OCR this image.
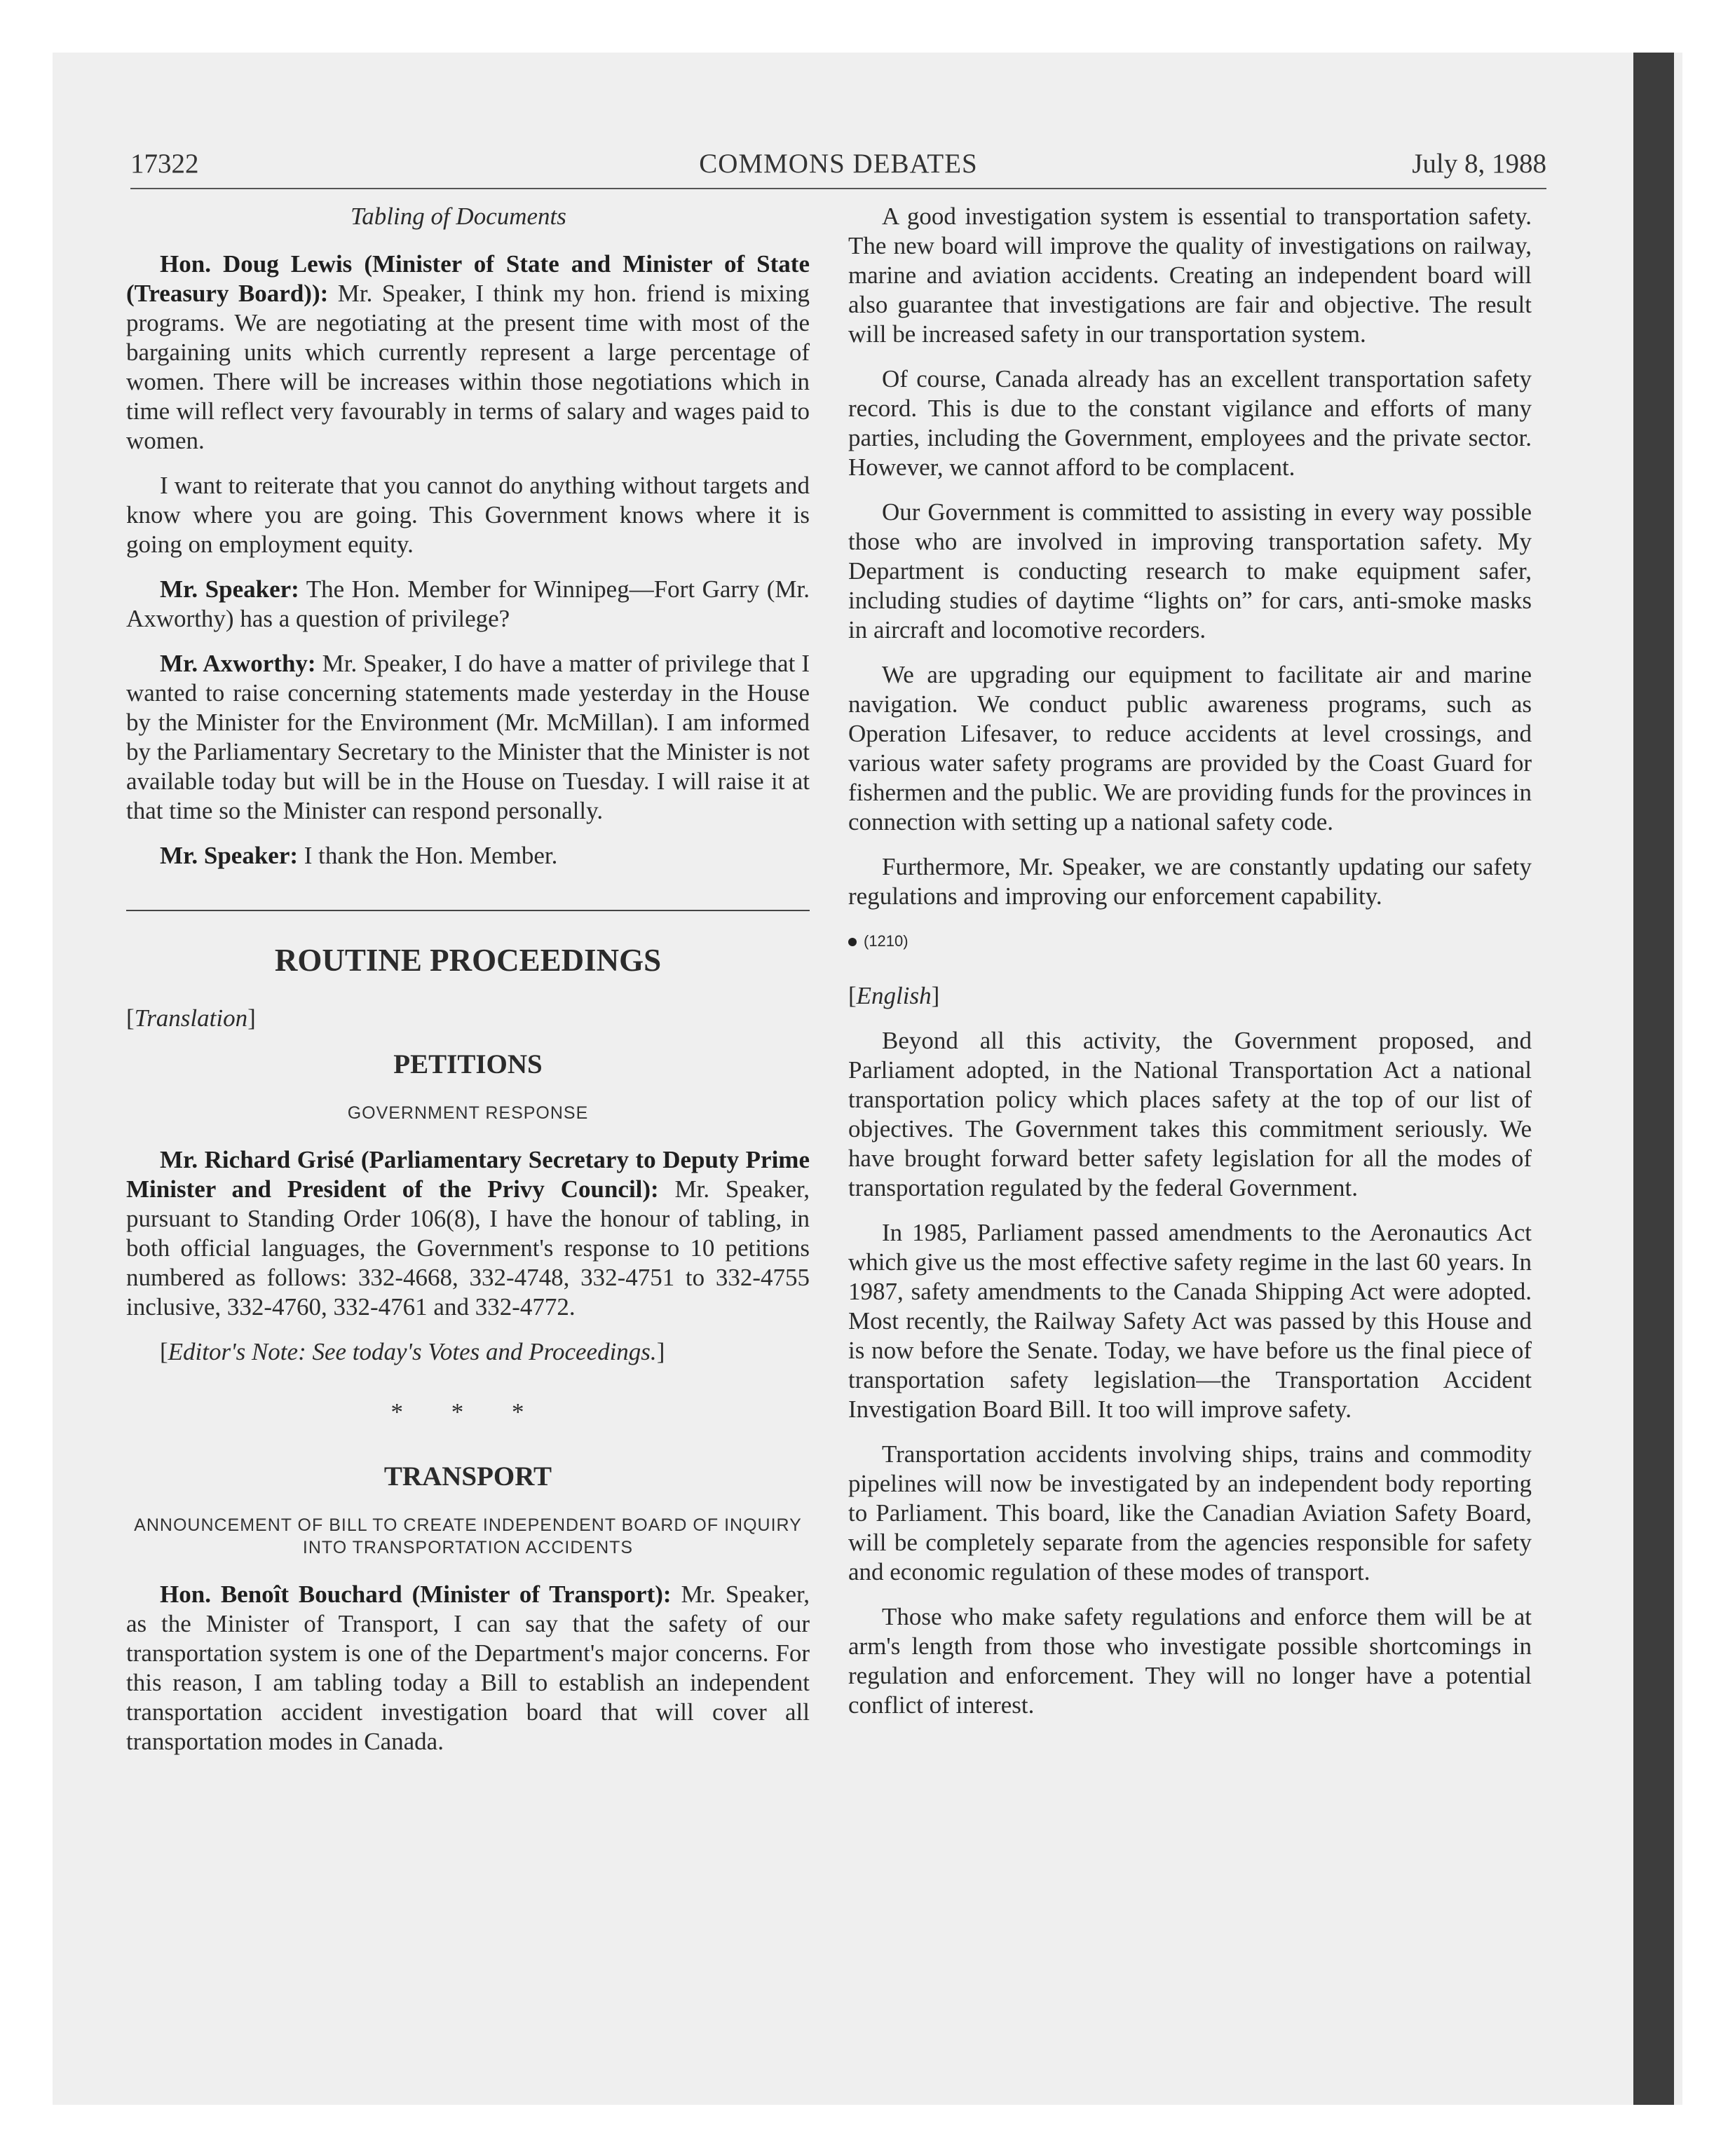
17322	COMMONS DEBATES	July 8, 1988
Tabling of Documents

Hon. Doug Lewis (Minister of State and Minister of State (Treasury Board)): Mr. Speaker, I think my hon. friend is mixing programs. We are negotiating at the present time with most of the bargaining units which currently represent a large percentage of women. There will be increases within those negotiations which in time will reflect very favourably in terms of salary and wages paid to women.

I want to reiterate that you cannot do anything without targets and know where you are going. This Government knows where it is going on employment equity.

Mr. Speaker: The Hon. Member for Winnipeg—Fort Garry (Mr. Axworthy) has a question of privilege?

Mr. Axworthy: Mr. Speaker, I do have a matter of privilege that I wanted to raise concerning statements made yesterday in the House by the Minister for the Environment (Mr. McMillan). I am informed by the Parliamentary Secretary to the Minister that the Minister is not available today but will be in the House on Tuesday. I will raise it at that time so the Minister can respond personally.

Mr. Speaker: I thank the Hon. Member.

ROUTINE PROCEEDINGS
[Translation]
PETITIONS
GOVERNMENT RESPONSE

Mr. Richard Grisé (Parliamentary Secretary to Deputy Prime Minister and President of the Privy Council): Mr. Speaker, pursuant to Standing Order 106(8), I have the honour of tabling, in both official languages, the Government's response to 10 petitions numbered as follows: 332-4668, 332-4748, 332-4751 to 332-4755 inclusive, 332-4760, 332-4761 and 332-4772.

[Editor's Note: See today's Votes and Proceedings.]
* * *
TRANSPORT
ANNOUNCEMENT OF BILL TO CREATE INDEPENDENT BOARD OF INQUIRY INTO TRANSPORTATION ACCIDENTS

Hon. Benoît Bouchard (Minister of Transport): Mr. Speaker, as the Minister of Transport, I can say that the safety of our transportation system is one of the Department's major concerns. For this reason, I am tabling today a Bill to establish an independent transportation accident investigation board that will cover all transportation modes in Canada.

A good investigation system is essential to transportation safety. The new board will improve the quality of investigations on railway, marine and aviation accidents. Creating an independent board will also guarantee that investigations are fair and objective. The result will be increased safety in our transportation system.

Of course, Canada already has an excellent transportation safety record. This is due to the constant vigilance and efforts of many parties, including the Government, employees and the private sector. However, we cannot afford to be complacent.

Our Government is committed to assisting in every way possible those who are involved in improving transportation safety. My Department is conducting research to make equipment safer, including studies of daytime “lights on” for cars, anti-smoke masks in aircraft and locomotive recorders.

We are upgrading our equipment to facilitate air and marine navigation. We conduct public awareness programs, such as Operation Lifesaver, to reduce accidents at level crossings, and various water safety programs are provided by the Coast Guard for fishermen and the public. We are providing funds for the provinces in connection with setting up a national safety code.

Furthermore, Mr. Speaker, we are constantly updating our safety regulations and improving our enforcement capability.

(1210)
[English]

Beyond all this activity, the Government proposed, and Parliament adopted, in the National Transportation Act a national transportation policy which places safety at the top of our list of objectives. The Government takes this commitment seriously. We have brought forward better safety legislation for all the modes of transportation regulated by the federal Government.

In 1985, Parliament passed amendments to the Aeronautics Act which give us the most effective safety regime in the last 60 years. In 1987, safety amendments to the Canada Shipping Act were adopted. Most recently, the Railway Safety Act was passed by this House and is now before the Senate. Today, we have before us the final piece of transportation safety legislation—the Transportation Accident Investigation Board Bill. It too will improve safety.

Transportation accidents involving ships, trains and commodity pipelines will now be investigated by an independent body reporting to Parliament. This board, like the Canadian Aviation Safety Board, will be completely separate from the agencies responsible for safety and economic regulation of these modes of transport.

Those who make safety regulations and enforce them will be at arm's length from those who investigate possible shortcomings in regulation and enforcement. They will no longer have a potential conflict of interest.
